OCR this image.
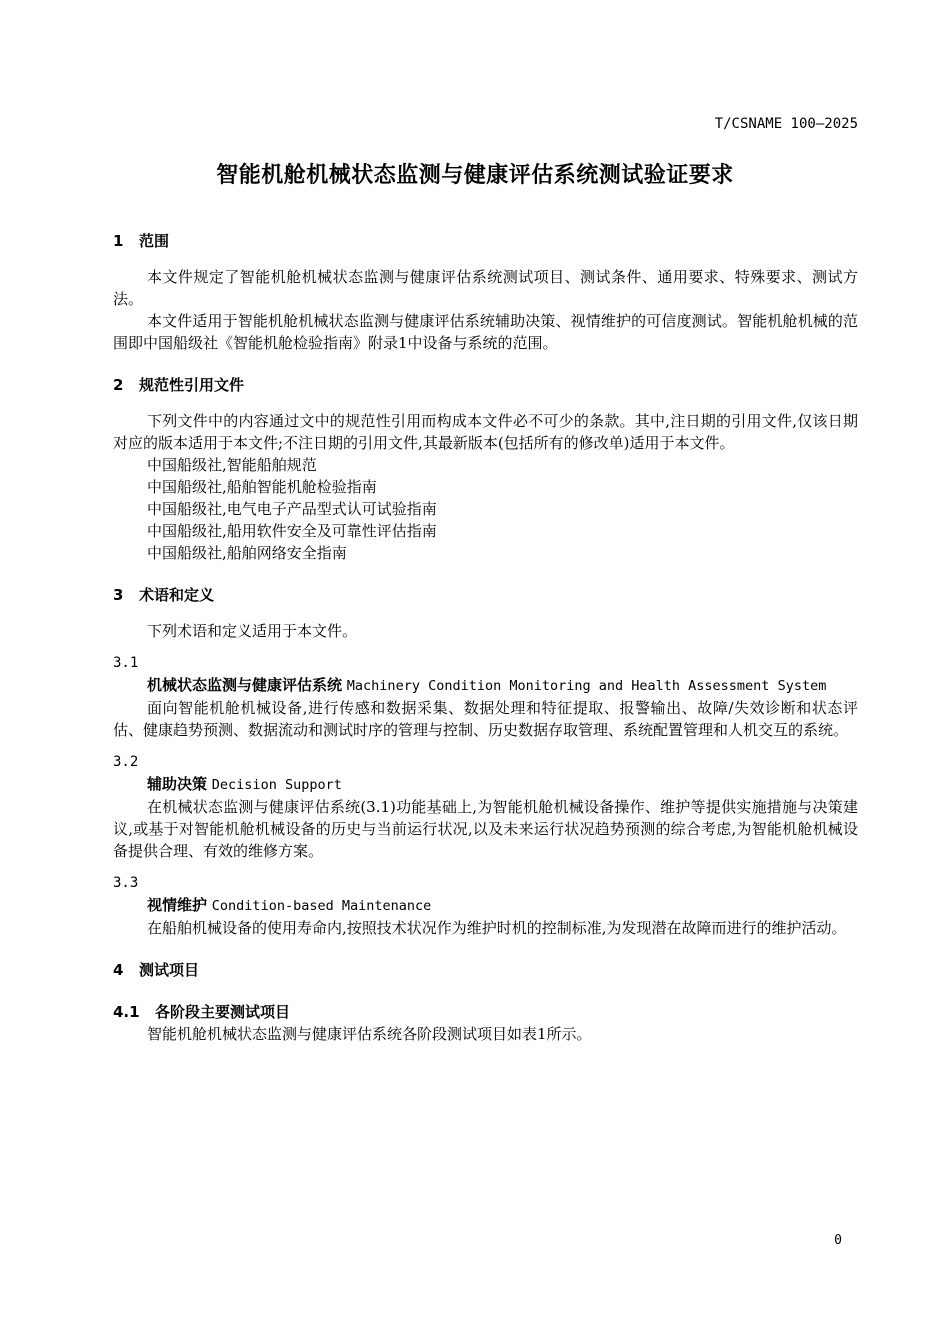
T/CSNAME 100—2025
智能机舱机械状态监测与健康评估系统测试验证要求

1 范围

本文件规定了智能机舱机械状态监测与健康评估系统测试项目、测试条件、通用要求、特殊要求、测试方法。

本文件适用于智能机舱机械状态监测与健康评估系统辅助决策、视情维护的可信度测试。智能机舱机械的范围即中国船级社《智能机舱检验指南》附录1中设备与系统的范围。

2 规范性引用文件

下列文件中的内容通过文中的规范性引用而构成本文件必不可少的条款。其中,注日期的引用文件,仅该日期对应的版本适用于本文件;不注日期的引用文件,其最新版本(包括所有的修改单)适用于本文件。

中国船级社,智能船舶规范

中国船级社,船舶智能机舱检验指南

中国船级社,电气电子产品型式认可试验指南

中国船级社,船用软件安全及可靠性评估指南

中国船级社,船舶网络安全指南

3 术语和定义

下列术语和定义适用于本文件。

3.1

机械状态监测与健康评估系统 Machinery Condition Monitoring and Health Assessment System

面向智能机舱机械设备,进行传感和数据采集、数据处理和特征提取、报警输出、故障/失效诊断和状态评估、健康趋势预测、数据流动和测试时序的管理与控制、历史数据存取管理、系统配置管理和人机交互的系统。

3.2

辅助决策 Decision Support

在机械状态监测与健康评估系统(3.1)功能基础上,为智能机舱机械设备操作、维护等提供实施措施与决策建议,或基于对智能机舱机械设备的历史与当前运行状况,以及未来运行状况趋势预测的综合考虑,为智能机舱机械设备提供合理、有效的维修方案。

3.3

视情维护 Condition-based Maintenance

在船舶机械设备的使用寿命内,按照技术状况作为维护时机的控制标准,为发现潜在故障而进行的维护活动。

4 测试项目

4.1 各阶段主要测试项目

智能机舱机械状态监测与健康评估系统各阶段测试项目如表1所示。

0
